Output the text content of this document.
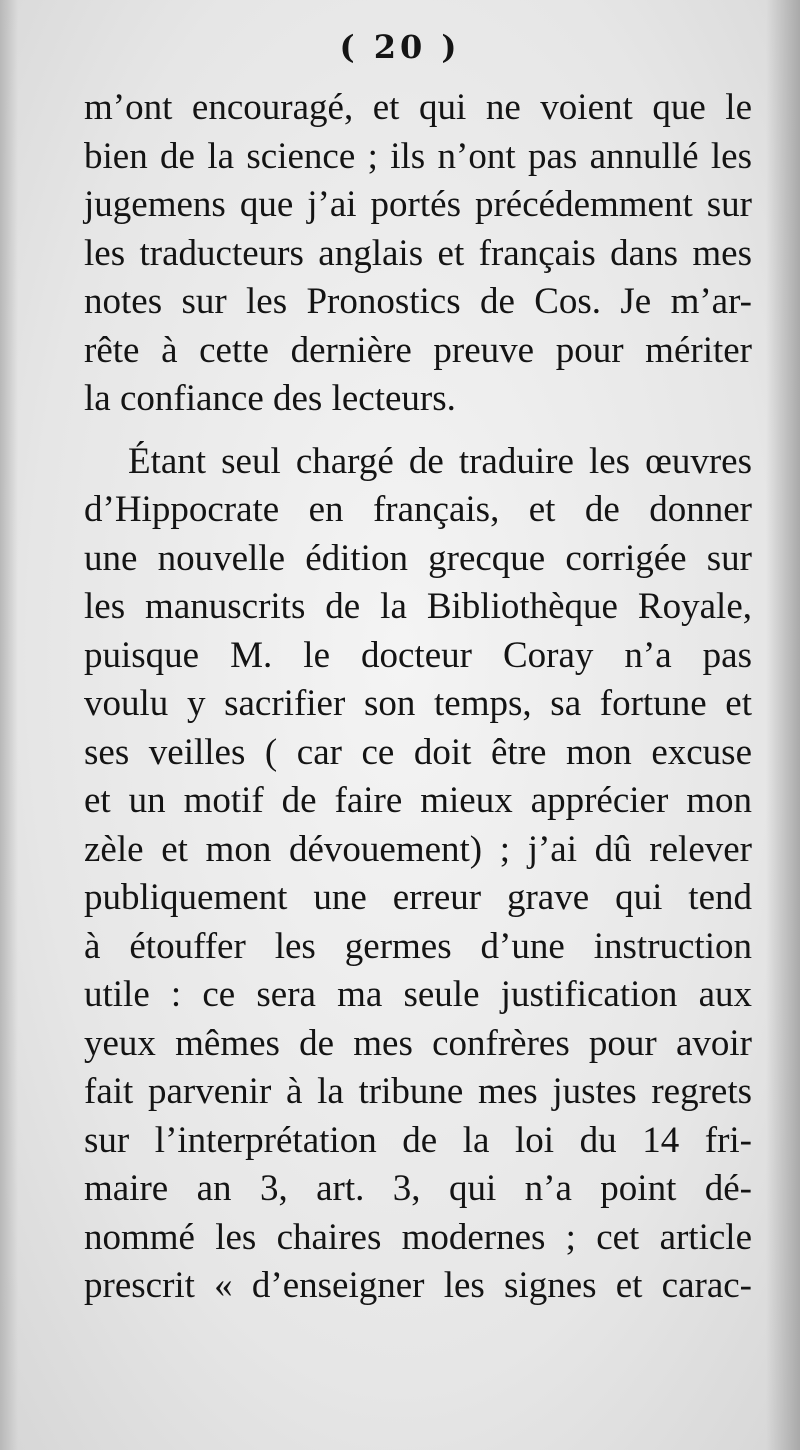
( 20 )
m’ont encouragé, et qui ne voient que le
bien de la science ; ils n’ont pas annullé les
jugemens que j’ai portés précédemment sur
les traducteurs anglais et français dans mes
notes sur les Pronostics de Cos. Je m’ar-
rête à cette dernière preuve pour mériter
la confiance des lecteurs.
Étant seul chargé de traduire les œuvres
d’Hippocrate en français, et de donner
une nouvelle édition grecque corrigée sur
les manuscrits de la Bibliothèque Royale,
puisque M. le docteur Coray n’a pas
voulu y sacrifier son temps, sa fortune et
ses veilles ( car ce doit être mon excuse
et un motif de faire mieux apprécier mon
zèle et mon dévouement) ; j’ai dû relever
publiquement une erreur grave qui tend
à étouffer les germes d’une instruction
utile : ce sera ma seule justification aux
yeux mêmes de mes confrères pour avoir
fait parvenir à la tribune mes justes regrets
sur l’interprétation de la loi du 14 fri-
maire an 3, art. 3, qui n’a point dé-
nommé les chaires modernes ; cet article
prescrit « d’enseigner les signes et carac-
